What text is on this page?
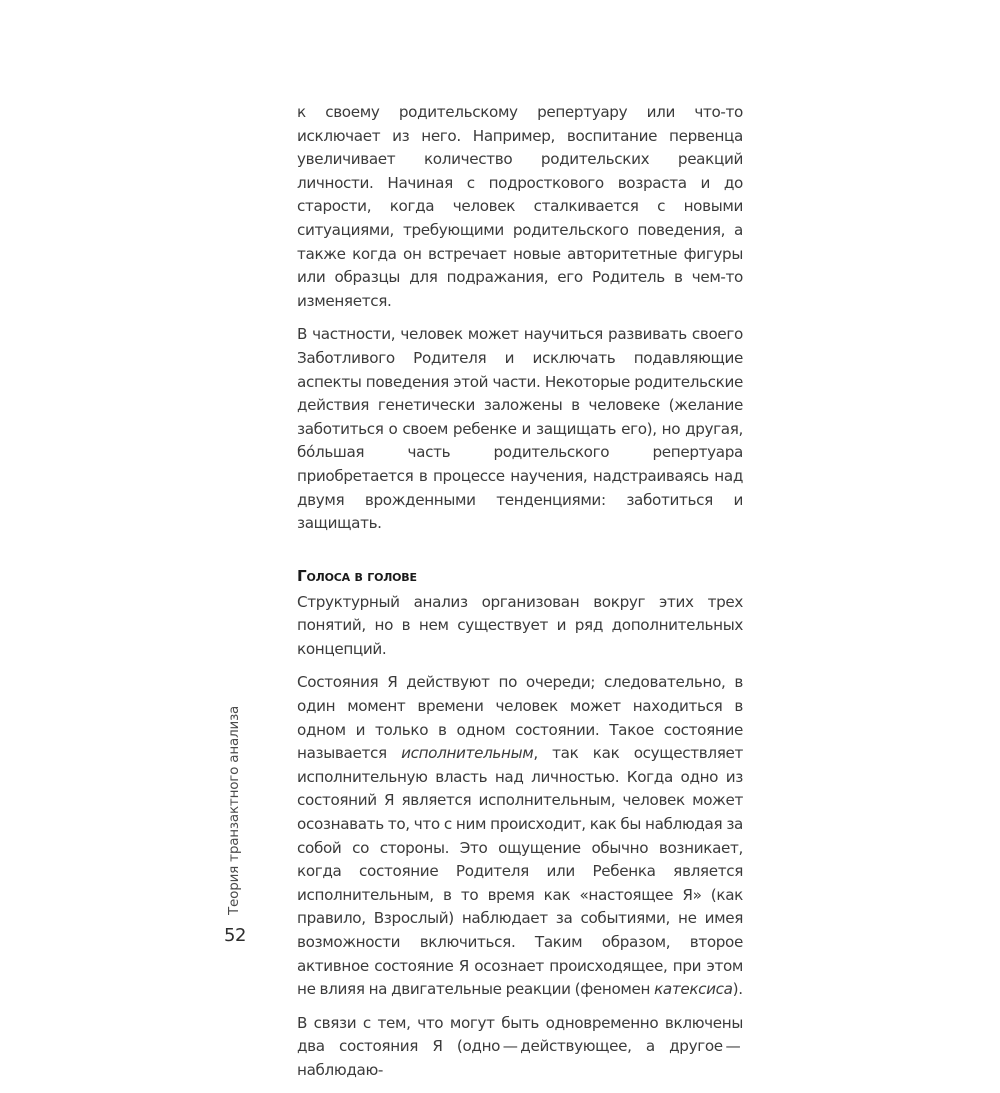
к своему родительскому репертуару или что-то исключает из него. Например, воспитание первенца увеличивает количество родительских реакций личности. Начиная с подросткового возраста и до старости, когда человек сталкивается с новыми ситуациями, требующими родительского поведения, а также когда он встречает новые авторитетные фигуры или образцы для подражания, его Родитель в чем-то изменяется.

В частности, человек может научиться развивать своего Заботливого Родителя и исключать подавляющие аспекты поведения этой части. Некоторые родительские действия генетически заложены в человеке (желание заботиться о своем ребенке и защищать его), но другая, бóльшая часть родительского репертуара приобретается в процессе научения, надстраиваясь над двумя врожденными тенденциями: заботиться и защищать.

Голоса в голове

Структурный анализ организован вокруг этих трех понятий, но в нем существует и ряд дополнительных концепций.

Состояния Я действуют по очереди; следовательно, в один момент времени человек может находиться в одном и только в одном состоянии. Такое состояние называется исполнительным, так как осуществляет исполнительную власть над личностью. Когда одно из состояний Я является исполнительным, человек может осознавать то, что с ним происходит, как бы наблюдая за собой со стороны. Это ощущение обычно возникает, когда состояние Родителя или Ребенка является исполнительным, в то время как «настоящее Я» (как правило, Взрослый) наблюдает за событиями, не имея возможности включиться. Таким образом, второе активное состояние Я осознает происходящее, при этом не влияя на двигательные реакции (феномен катексиса).

В связи с тем, что могут быть одновременно включены два состояния Я (одно — действующее, а другое — наблюдаю-

Теория транзактного анализа
52
